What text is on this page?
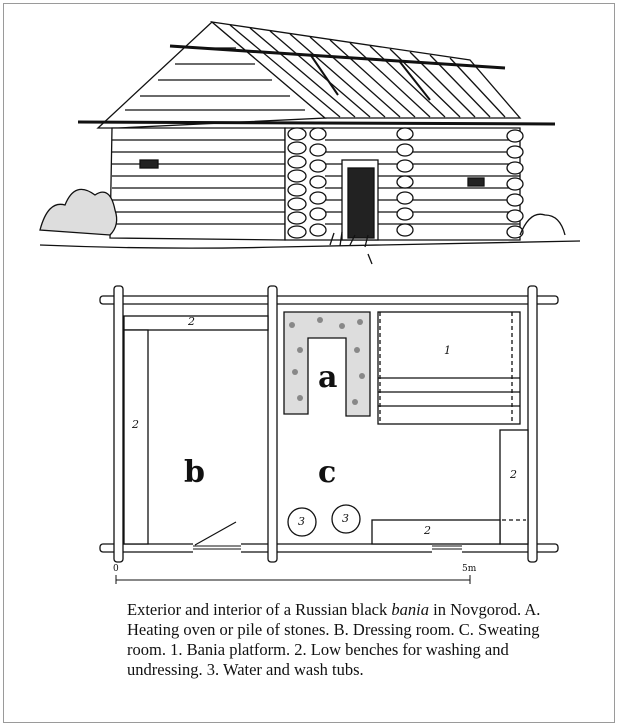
a
b	c
1
2
2
2
2
3	3
0	5m
Exterior and interior of a Russian black bania in Novgorod. A. Heating oven or pile of stones. B. Dressing room. C. Sweating room. 1. Bania platform. 2. Low benches for washing and undressing. 3. Water and wash tubs.
